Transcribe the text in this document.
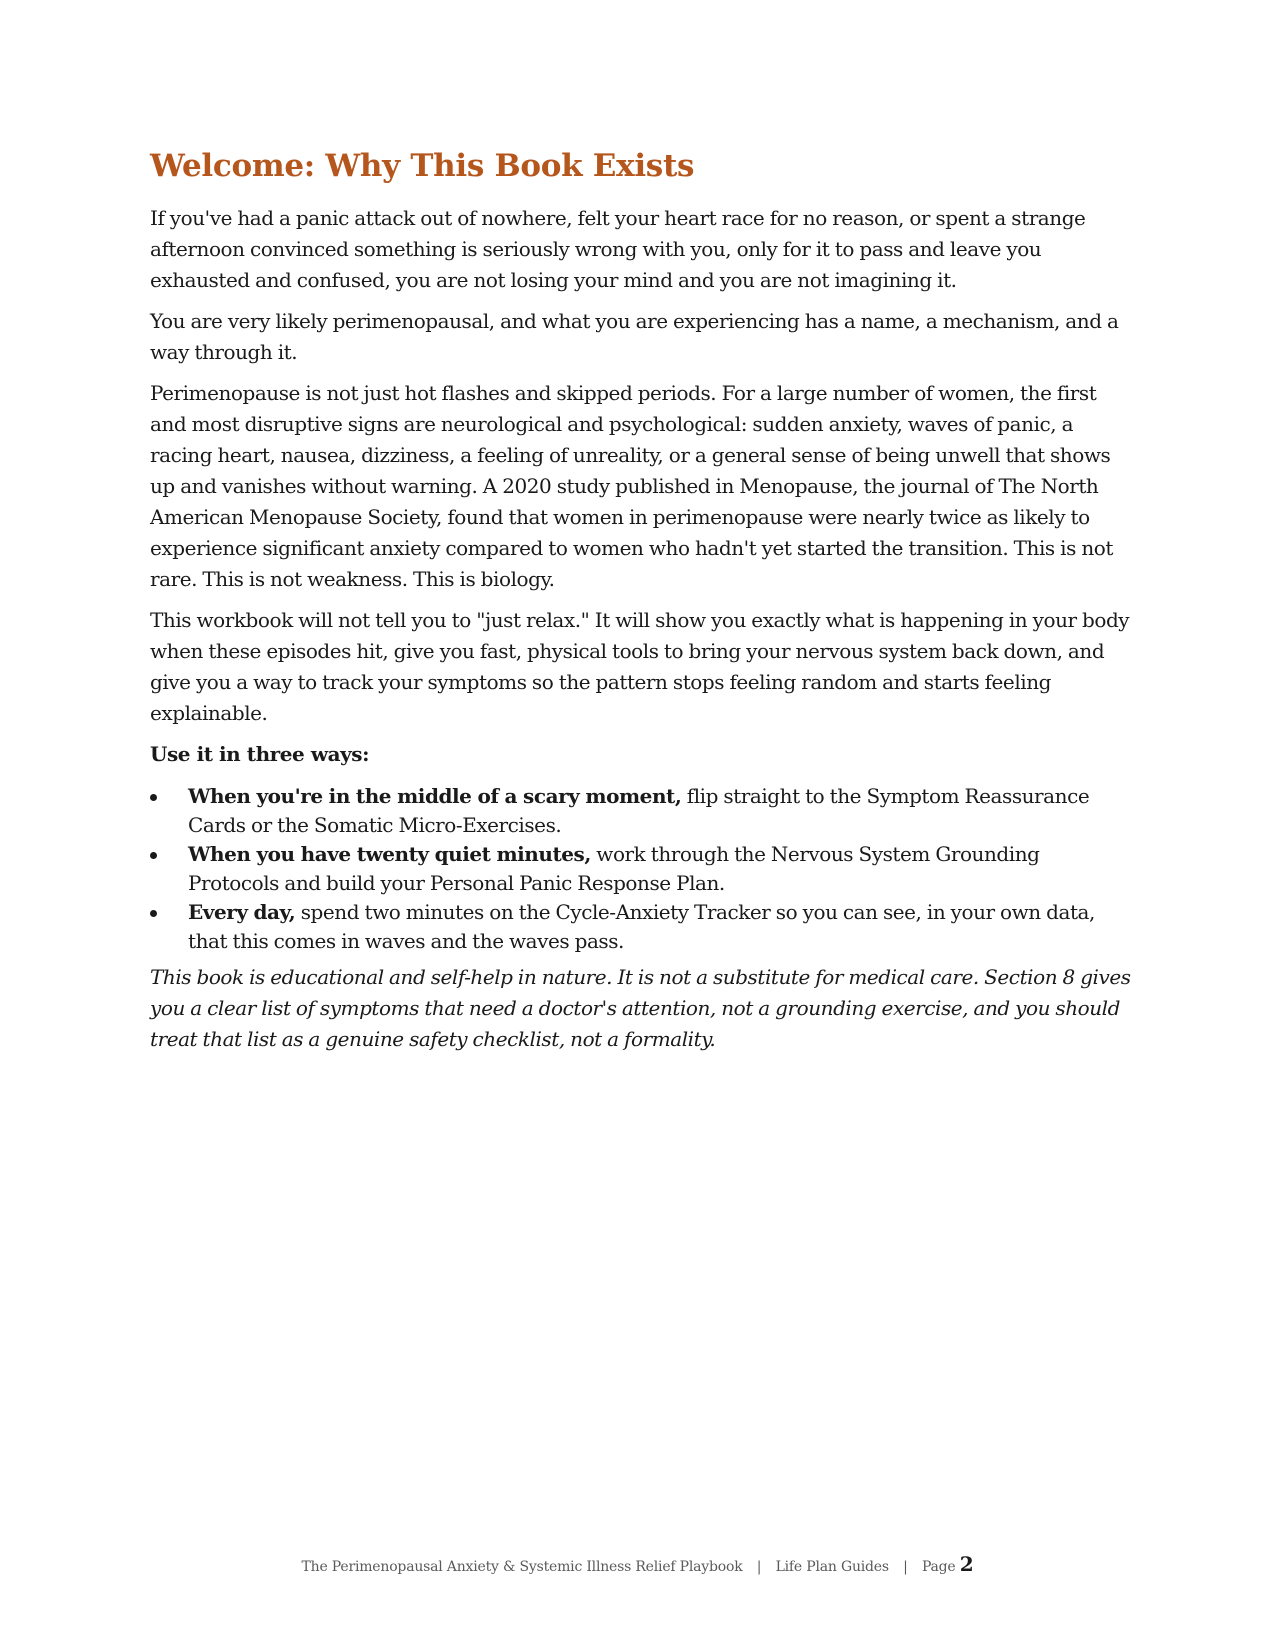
Welcome: Why This Book Exists

If you've had a panic attack out of nowhere, felt your heart race for no reason, or spent a strange afternoon convinced something is seriously wrong with you, only for it to pass and leave you exhausted and confused, you are not losing your mind and you are not imagining it.

You are very likely perimenopausal, and what you are experiencing has a name, a mechanism, and a way through it.

Perimenopause is not just hot flashes and skipped periods. For a large number of women, the first and most disruptive signs are neurological and psychological: sudden anxiety, waves of panic, a racing heart, nausea, dizziness, a feeling of unreality, or a general sense of being unwell that shows up and vanishes without warning. A 2020 study published in Menopause, the journal of The North American Menopause Society, found that women in perimenopause were nearly twice as likely to experience significant anxiety compared to women who hadn't yet started the transition. This is not rare. This is not weakness. This is biology.

This workbook will not tell you to "just relax." It will show you exactly what is happening in your body when these episodes hit, give you fast, physical tools to bring your nervous system back down, and give you a way to track your symptoms so the pattern stops feeling random and starts feeling explainable.

Use it in three ways:

When you're in the middle of a scary moment, flip straight to the Symptom Reassurance Cards or the Somatic Micro-Exercises.
When you have twenty quiet minutes, work through the Nervous System Grounding Protocols and build your Personal Panic Response Plan.
Every day, spend two minutes on the Cycle-Anxiety Tracker so you can see, in your own data, that this comes in waves and the waves pass.

This book is educational and self-help in nature. It is not a substitute for medical care. Section 8 gives you a clear list of symptoms that need a doctor's attention, not a grounding exercise, and you should treat that list as a genuine safety checklist, not a formality.

The Perimenopausal Anxiety & Systemic Illness Relief Playbook | Life Plan Guides | Page 2
